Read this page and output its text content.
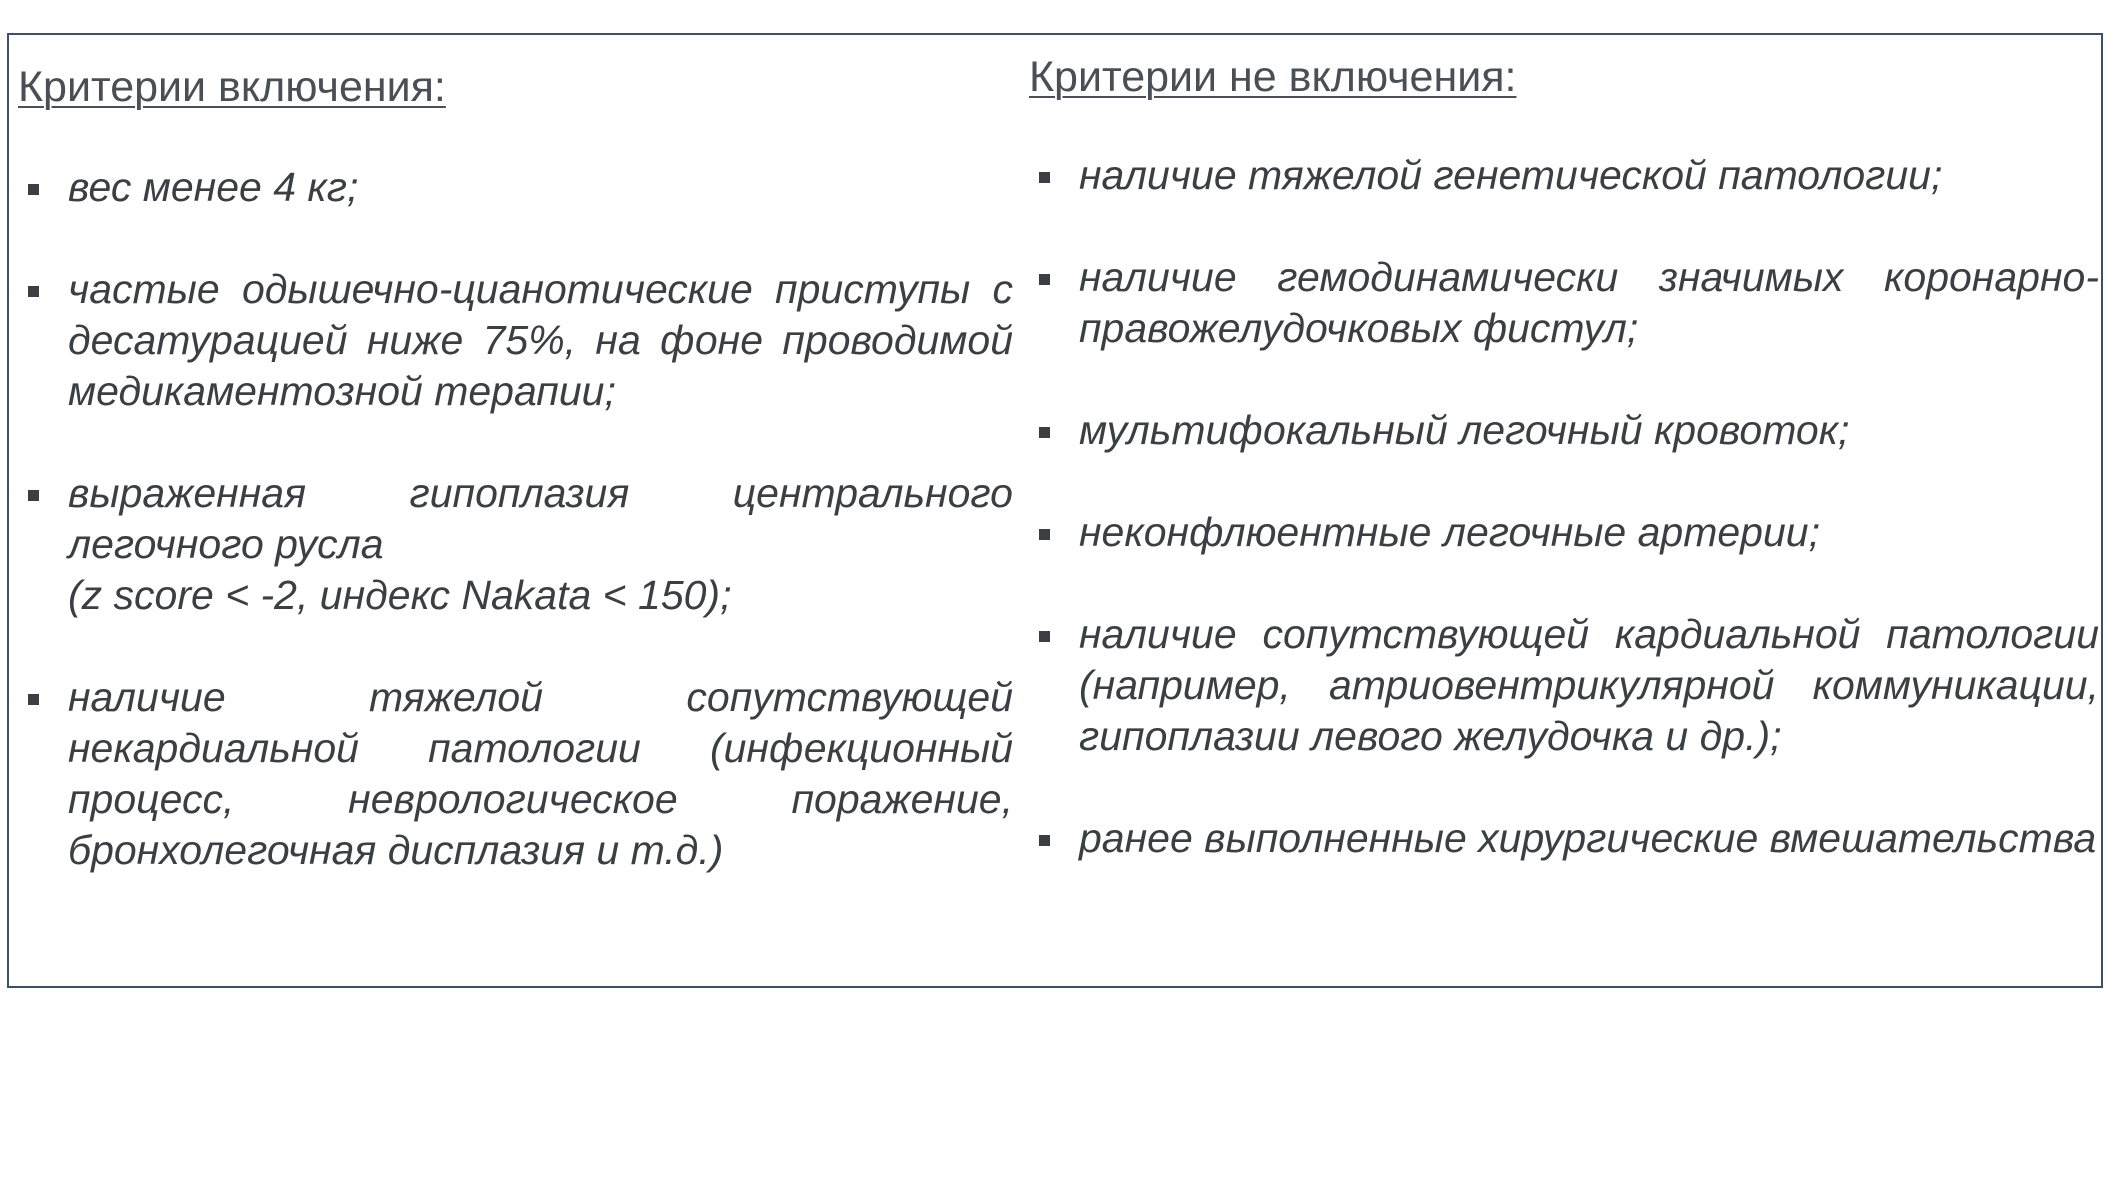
Критерии включения:
вес менее 4 кг;
частые одышечно-цианотические приступы с десатурацией ниже 75%, на фоне проводимой медикаментозной терапии;
выраженная гипоплазия центрального легочного русла
(z score < -2, индекс Nakata < 150);
наличие тяжелой сопутствующей некардиальной патологии (инфекционный процесс, неврологическое поражение, бронхолегочная дисплазия и т.д.)
Критерии не включения:
наличие тяжелой генетической патологии;
наличие гемодинамически значимых коронарно-правожелудочковых фистул;
мультифокальный легочный кровоток;
неконфлюентные легочные артерии;
наличие сопутствующей кардиальной патологии (например, атриовентрикулярной коммуникации, гипоплазии левого желудочка и др.);
ранее выполненные хирургические вмешательства
